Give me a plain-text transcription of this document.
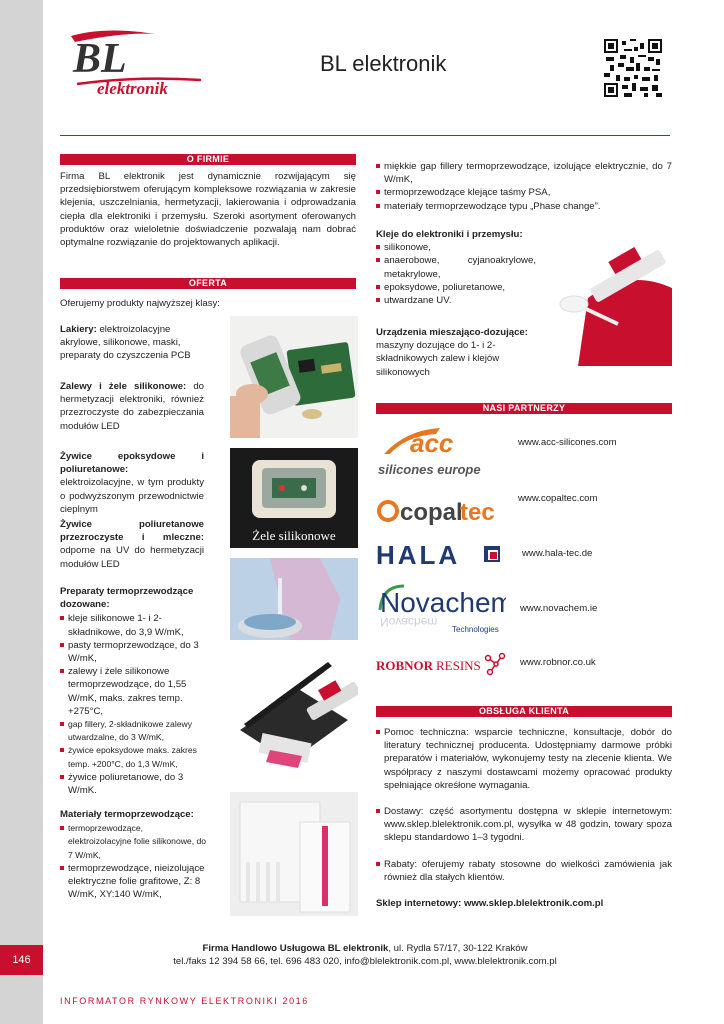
146
BL
elektronik
BL elektronik
O FIRMIE
Firma BL elektronik jest dynamicznie rozwijającym się przedsiębiorstwem oferującym kompleksowe rozwiązania w zakresie klejenia, uszczelniania, hermetyzacji, lakierowania i odprowadzania ciepła dla elektroniki i przemysłu. Szeroki asortyment oferowanych produktów oraz wieloletnie doświadczenie pozwalają nam dobrać optymalne rozwiązanie do projektowanych aplikacji.
OFERTA
Oferujemy produkty najwyższej klasy:
Lakiery: elektroizolacyjne akrylowe, silikonowe, maski, preparaty do czyszczenia PCB
Zalewy i żele silikonowe: do hermetyzacji elektroniki, również przezroczyste do zabezpieczania modułów LED
Żywice epoksydowe i poliuretanowe: elektroizolacyjne, w tym produkty o podwyższonym przewodnictwie cieplnym
Żywice poliuretanowe przezroczyste i mleczne: odporne na UV do hermetyzacji modułów LED
Preparaty termoprzewodzące dozowane:
kleje silikonowe 1- i 2-składnikowe, do 3,9 W/mK,
pasty termoprzewodzące, do 3 W/mK,
zalewy i żele silikonowe termoprzewodzące, do 1,55 W/mK, maks. zakres temp. +275°C,
gap fillery, 2-składnikowe zalewy utwardzalne, do 3 W/mK,
żywice epoksydowe maks. zakres temp. +200°C, do 1,3 W/mK,
żywice poliuretanowe, do 3 W/mK.
Materiały termoprzewodzące:
termoprzewodzące, elektroizolacyjne folie silikonowe, do 7 W/mK,
termoprzewodzące, nieizolujące elektryczne folie grafitowe, Z: 8 W/mK, XY:140 W/mK,
Żele silikonowe
miękkie gap fillery termoprzewodzące, izolujące elektrycznie, do 7 W/mK,
termoprzewodzące klejące taśmy PSA,
materiały termoprzewodzące typu „Phase change”.
Kleje do elektroniki i przemysłu:
silikonowe,
anaerobowe, cyjanoakrylowe, metakrylowe,
epoksydowe, poliuretanowe,
utwardzane UV.
Urządzenia mieszająco-dozujące: maszyny dozujące do 1- i 2-składnikowych zalew i klejów silikonowych
NASI PARTNERZY
acc
silicones europe
www.acc-silicones.com
copal
tec
www.copaltec.com
HALA	www.hala-tec.de
Novachem
Novachem
Technologies
www.novachem.ie
ROBNOR RESINS	www.robnor.co.uk
OBSŁUGA KLIENTA
Pomoc techniczna: wsparcie techniczne, konsultacje, dobór do literatury technicznej producenta. Udostępniamy darmowe próbki preparatów i materiałów, wykonujemy testy na zlecenie klienta. We współpracy z naszymi dostawcami możemy opracować produkty spełniające okreśłone wymagania.
Dostawy: część asortymentu dostępna w sklepie internetowym: www.sklep.blelektronik.com.pl, wysyłka w 48 godzin, towary spoza sklepu standardowo 1–3 tygodni.
Rabaty: oferujemy rabaty stosowne do wielkości zamówienia jak również dla stałych klientów.
Sklep internetowy: www.sklep.blelektronik.com.pl
Firma Handlowo Usługowa BL elektronik, ul. Rydla 57/17, 30-122 Kraków
tel./faks 12 394 58 66, tel. 696 483 020, info@blelektronik.com.pl, www.blelektronik.com.pl
INFORMATOR RYNKOWY ELEKTRONIKI 2016
